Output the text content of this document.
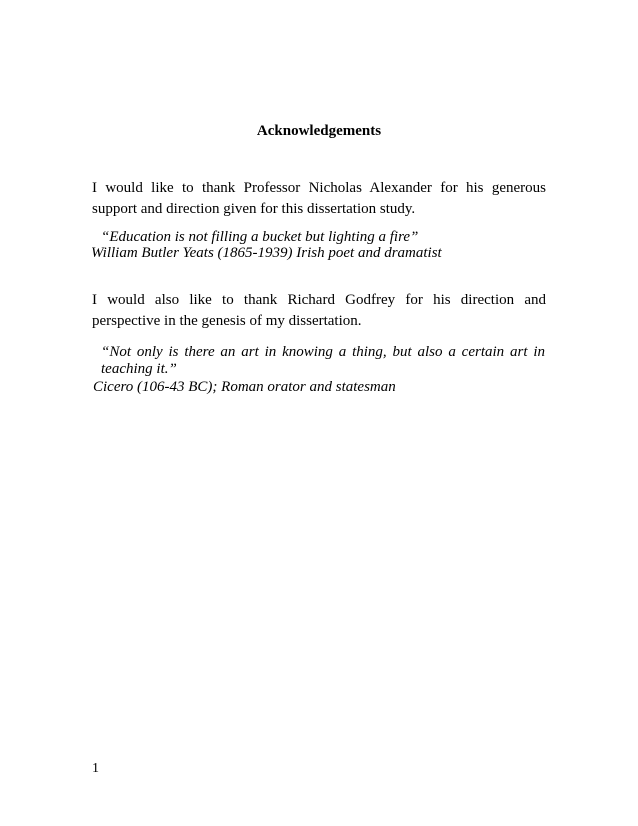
Acknowledgements

I would like to thank Professor Nicholas Alexander for his generous support and direction given for this dissertation study.

“Education is not filling a bucket but lighting a fire”
William Butler Yeats (1865-1939) Irish poet and dramatist

I would also like to thank Richard Godfrey for his direction and perspective in the genesis of my dissertation.

“Not only is there an art in knowing a thing, but also a certain art in teaching it.”
Cicero (106-43 BC); Roman orator and statesman
1
